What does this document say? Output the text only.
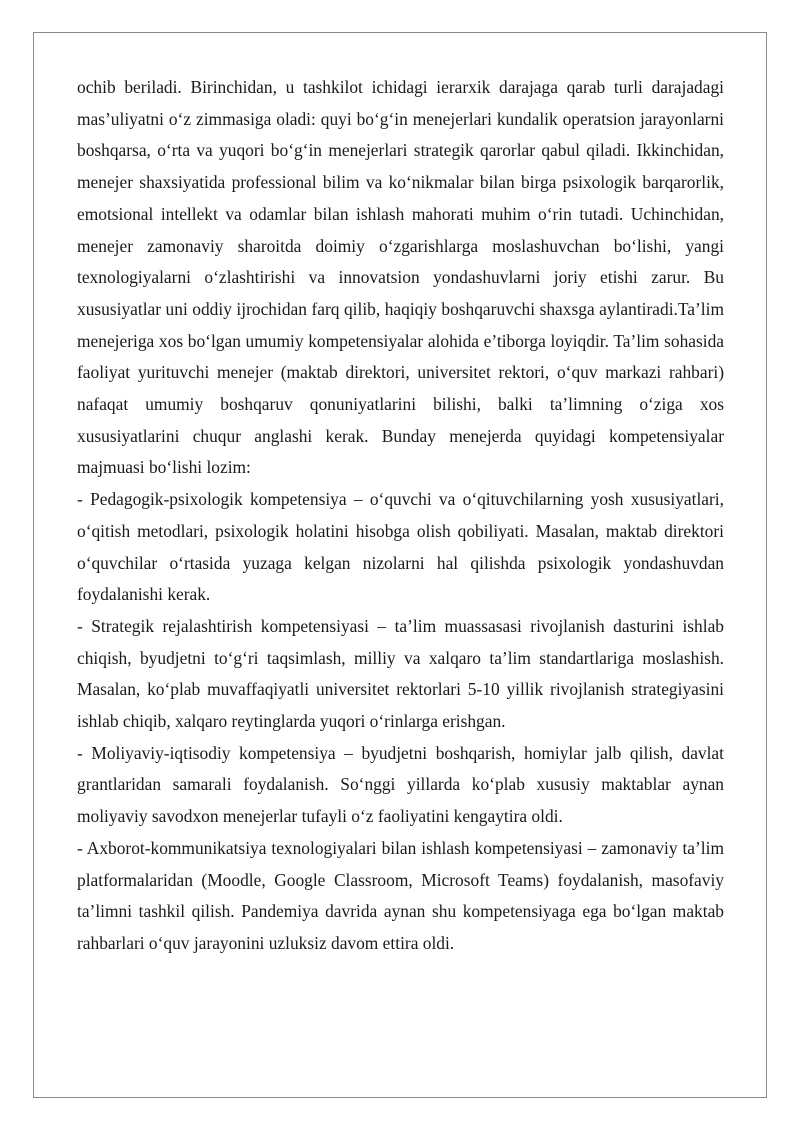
ochib beriladi. Birinchidan, u tashkilot ichidagi ierarxik darajaga qarab turli darajadagi mas’uliyatni o‘z zimmasiga oladi: quyi bo‘g‘in menejerlari kundalik operatsion jarayonlarni boshqarsa, o‘rta va yuqori bo‘g‘in menejerlari strategik qarorlar qabul qiladi. Ikkinchidan, menejer shaxsiyatida professional bilim va ko‘nikmalar bilan birga psixologik barqarorlik, emotsional intellekt va odamlar bilan ishlash mahorati muhim o‘rin tutadi. Uchinchidan, menejer zamonaviy sharoitda doimiy o‘zgarishlarga moslashuvchan bo‘lishi, yangi texnologiyalarni o‘zlashtirishi va innovatsion yondashuvlarni joriy etishi zarur. Bu xususiyatlar uni oddiy ijrochidan farq qilib, haqiqiy boshqaruvchi shaxsga aylantiradi.Ta’lim menejeriga xos bo‘lgan umumiy kompetensiyalar alohida e’tiborga loyiqdir. Ta’lim sohasida faoliyat yurituvchi menejer (maktab direktori, universitet rektori, o‘quv markazi rahbari) nafaqat umumiy boshqaruv qonuniyatlarini bilishi, balki ta’limning o‘ziga xos xususiyatlarini chuqur anglashi kerak. Bunday menejerda quyidagi kompetensiyalar majmuasi bo‘lishi lozim:

- Pedagogik-psixologik kompetensiya – o‘quvchi va o‘qituvchilarning yosh xususiyatlari, o‘qitish metodlari, psixologik holatini hisobga olish qobiliyati. Masalan, maktab direktori o‘quvchilar o‘rtasida yuzaga kelgan nizolarni hal qilishda psixologik yondashuvdan foydalanishi kerak.

- Strategik rejalashtirish kompetensiyasi – ta’lim muassasasi rivojlanish dasturini ishlab chiqish, byudjetni to‘g‘ri taqsimlash, milliy va xalqaro ta’lim standartlariga moslashish. Masalan, ko‘plab muvaffaqiyatli universitet rektorlari 5-10 yillik rivojlanish strategiyasini ishlab chiqib, xalqaro reytinglarda yuqori o‘rinlarga erishgan.

- Moliyaviy-iqtisodiy kompetensiya – byudjetni boshqarish, homiylar jalb qilish, davlat grantlaridan samarali foydalanish. So‘nggi yillarda ko‘plab xususiy maktablar aynan moliyaviy savodxon menejerlar tufayli o‘z faoliyatini kengaytira oldi.

- Axborot-kommunikatsiya texnologiyalari bilan ishlash kompetensiyasi – zamonaviy ta’lim platformalaridan (Moodle, Google Classroom, Microsoft Teams) foydalanish, masofaviy ta’limni tashkil qilish. Pandemiya davrida aynan shu kompetensiyaga ega bo‘lgan maktab rahbarlari o‘quv jarayonini uzluksiz davom ettira oldi.
